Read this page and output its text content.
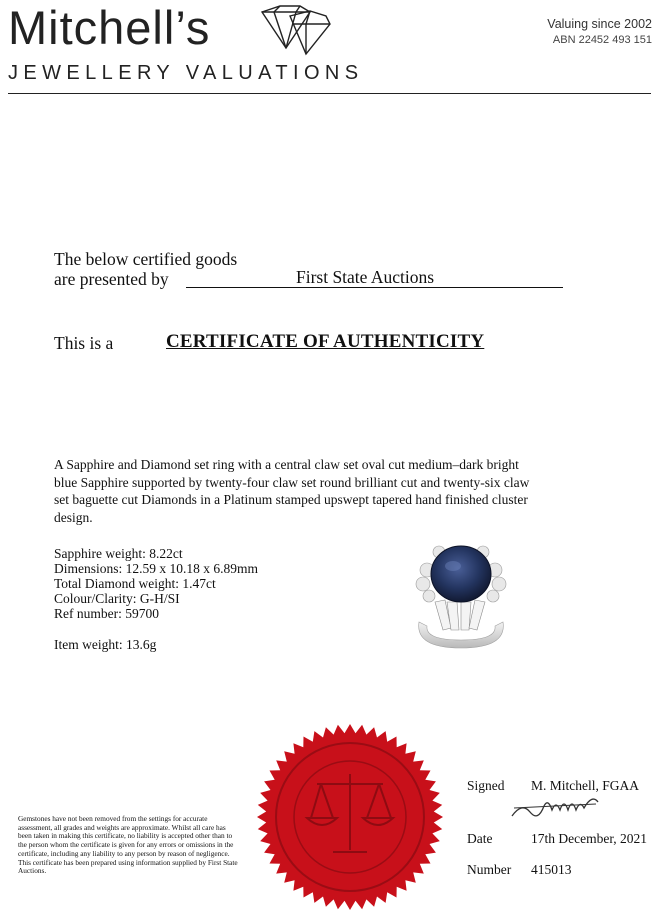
Mitchell’s
JEWELLERY VALUATIONS
Valuing since 2002
ABN 22452 493 151
The below certified goods
are presented by	First State Auctions
This is a	CERTIFICATE OF AUTHENTICITY
A Sapphire and Diamond set ring with a central claw set oval cut medium–dark bright blue Sapphire supported by twenty-four claw set round brilliant cut and twenty-six claw set baguette cut Diamonds in a Platinum stamped upswept tapered hand finished cluster design.
Sapphire weight: 8.22ct
Dimensions: 12.59 x 10.18 x 6.89mm
Total Diamond weight: 1.47ct
Colour/Clarity: G-H/SI
Ref number: 59700
Item weight: 13.6g
Gemstones have not been removed from the settings for accurate assessment, all grades and weights are approximate. Whilst all care has been taken in making this certificate, no liability is accepted other than to the person whom the certificate is given for any errors or omissions in the certificate, including any liability to any person by reason of negligence. This certificate has been prepared using information supplied by First State Auctions.
Signed M. Mitchell, FGAA
Date	17th December, 2021
Number 415013
